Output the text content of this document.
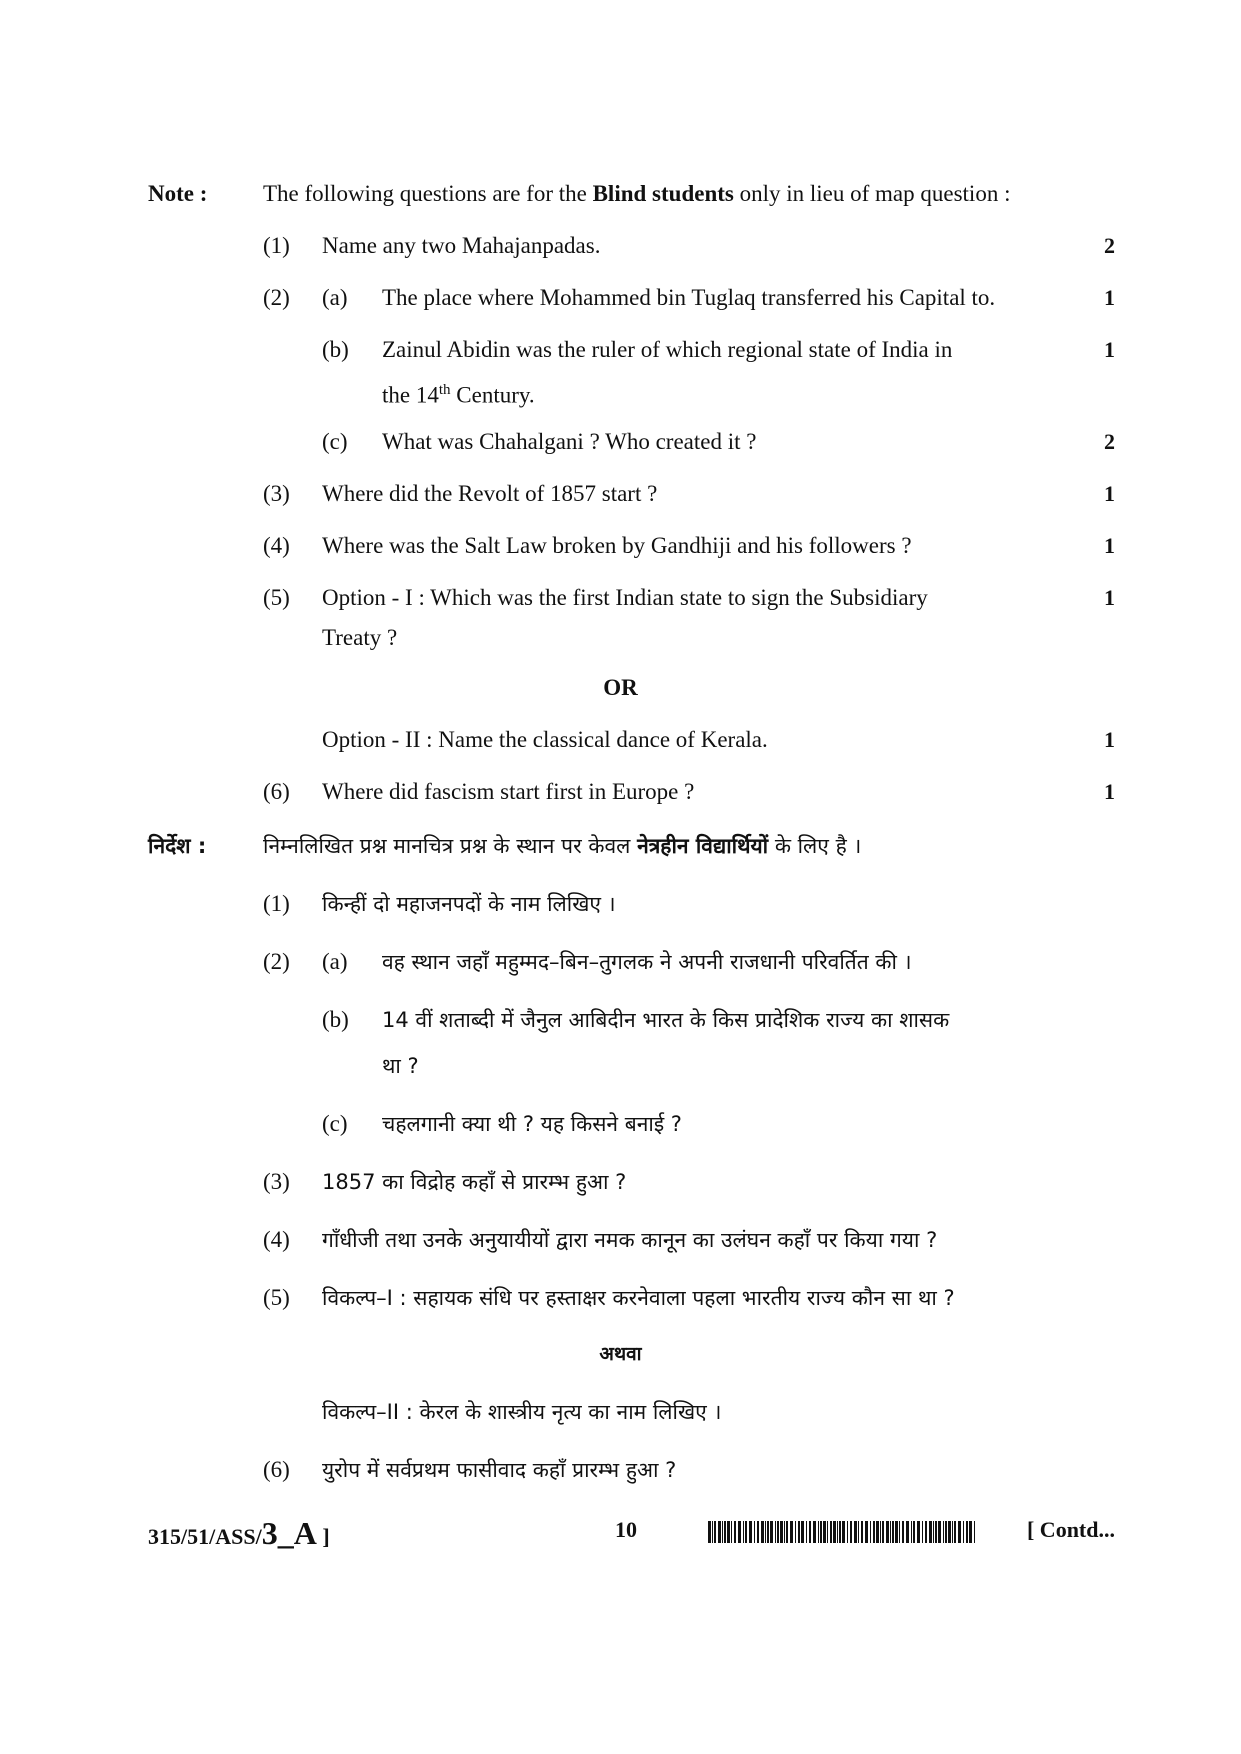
Note : The following questions are for the Blind students only in lieu of map question :
(1) Name any two Mahajanpadas.	2
(2) (a) The place where Mohammed bin Tuglaq transferred his Capital to.	1
(b) Zainul Abidin was the ruler of which regional state of India in	1
the 14th Century.
(c) What was Chahalgani ? Who created it ?	2
(3) Where did the Revolt of 1857 start ?	1
(4) Where was the Salt Law broken by Gandhiji and his followers ?	1
(5) Option - I : Which was the first Indian state to sign the Subsidiary	1
Treaty ?
OR
Option - II : Name the classical dance of Kerala.	1
(6) Where did fascism start first in Europe ?	1
निर्देश :	निम्नलिखित प्रश्न मानचित्र प्रश्न के स्थान पर केवल नेत्रहीन विद्यार्थियों के लिए है ।
(1) किन्हीं दो महाजनपदों के नाम लिखिए ।
(2) (a) वह स्थान जहाँ महुम्मद–बिन–तुगलक ने अपनी राजधानी परिवर्तित की ।
(b) 14 वीं शताब्दी में जैनुल आबिदीन भारत के किस प्रादेशिक राज्य का शासक
था ?
(c) चहलगानी क्या थी ? यह किसने बनाई ?
(3) 1857 का विद्रोह कहाँ से प्रारम्भ हुआ ?
(4) गाँधीजी तथा उनके अनुयायीयों द्वारा नमक कानून का उलंघन कहाँ पर किया गया ?
(5) विकल्प–I : सहायक संधि पर हस्ताक्षर करनेवाला पहला भारतीय राज्य कौन सा था ?
अथवा
विकल्प–II : केरल के शास्त्रीय नृत्य का नाम लिखिए ।
(6) युरोप में सर्वप्रथम फासीवाद कहाँ प्रारम्भ हुआ ?
315/51/ASS/3_A ]	10	[ Contd...
